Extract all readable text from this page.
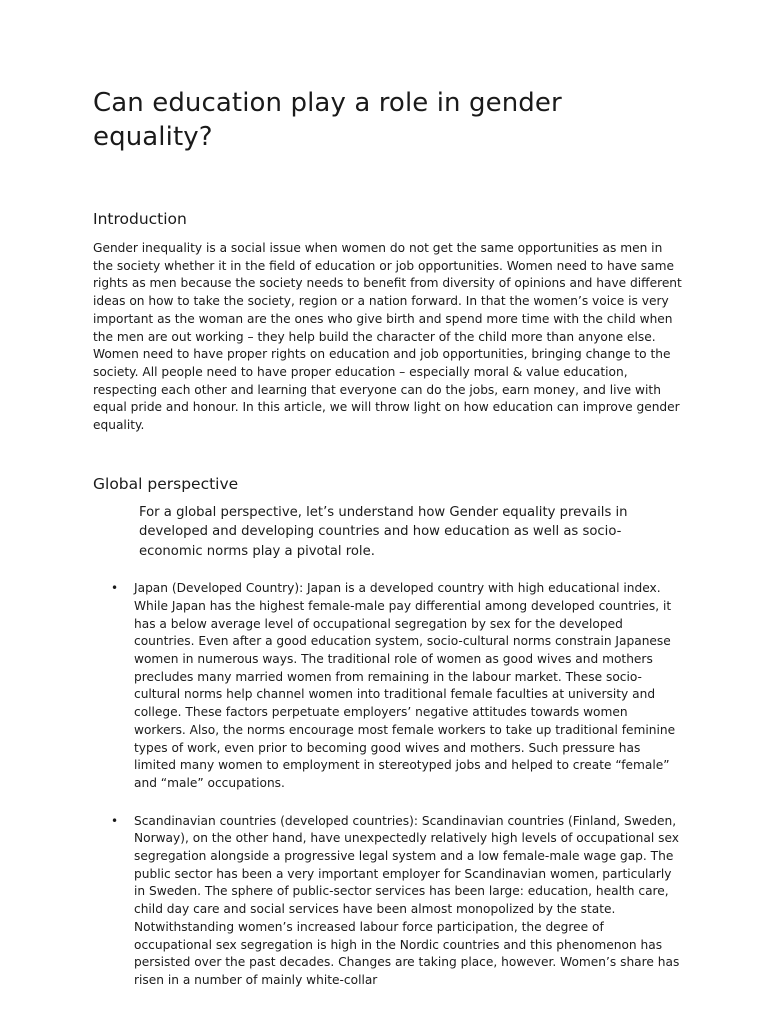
Can education play a role in gender equality?
Introduction

Gender inequality is a social issue when women do not get the same opportunities as men in the society whether it in the field of education or job opportunities. Women need to have same rights as men because the society needs to benefit from diversity of opinions and have different ideas on how to take the society, region or a nation forward. In that the women’s voice is very important as the woman are the ones who give birth and spend more time with the child when the men are out working – they help build the character of the child more than anyone else. Women need to have proper rights on education and job opportunities, bringing change to the society. All people need to have proper education – especially moral & value education, respecting each other and learning that everyone can do the jobs, earn money, and live with equal pride and honour. In this article, we will throw light on how education can improve gender equality.

Global perspective

For a global perspective, let’s understand how Gender equality prevails in developed and developing countries and how education as well as socio-economic norms play a pivotal role.

• Japan (Developed Country): Japan is a developed country with high educational index. While Japan has the highest female-male pay differential among developed countries, it has a below average level of occupational segregation by sex for the developed countries. Even after a good education system, socio-cultural norms constrain Japanese women in numerous ways. The traditional role of women as good wives and mothers precludes many married women from remaining in the labour market. These socio-cultural norms help channel women into traditional female faculties at university and college. These factors perpetuate employers’ negative attitudes towards women workers. Also, the norms encourage most female workers to take up traditional feminine types of work, even prior to becoming good wives and mothers. Such pressure has limited many women to employment in stereotyped jobs and helped to create “female” and “male” occupations.
• Scandinavian countries (developed countries): Scandinavian countries (Finland, Sweden, Norway), on the other hand, have unexpectedly relatively high levels of occupational sex segregation alongside a progressive legal system and a low female-male wage gap. The public sector has been a very important employer for Scandinavian women, particularly in Sweden. The sphere of public-sector services has been large: education, health care, child day care and social services have been almost monopolized by the state. Notwithstanding women’s increased labour force participation, the degree of occupational sex segregation is high in the Nordic countries and this phenomenon has persisted over the past decades. Changes are taking place, however. Women’s share has risen in a number of mainly white-collar
